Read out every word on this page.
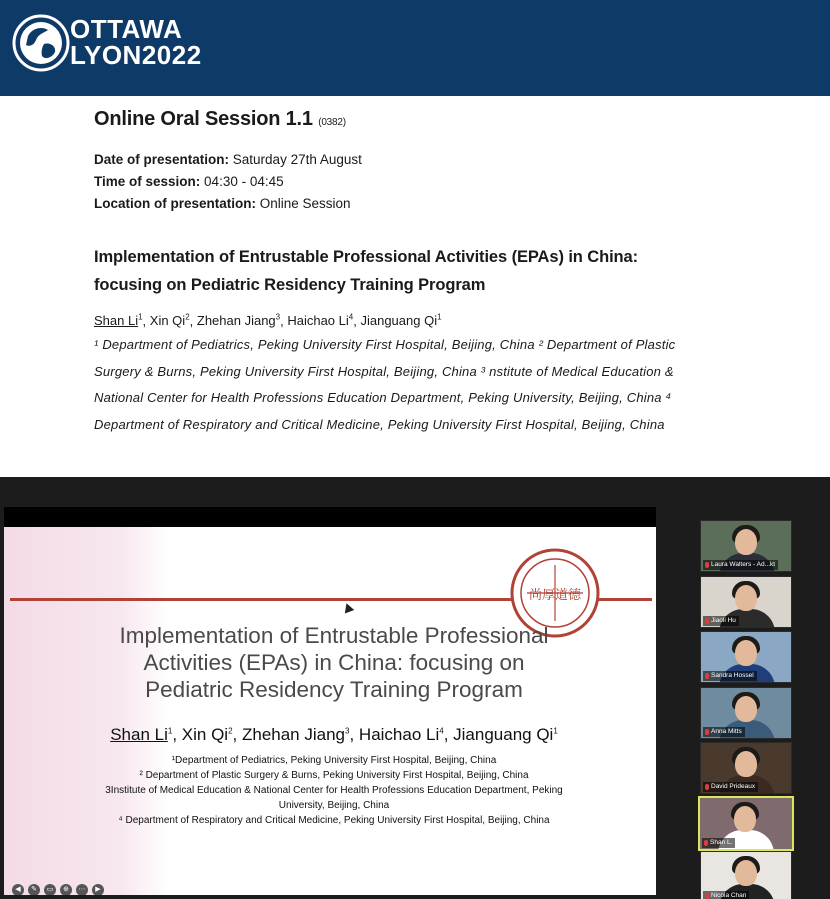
OTTAWA
LYON2022
Online Oral Session 1.1 (0382)
Date of presentation: Saturday 27th August
Time of session: 04:30 - 04:45
Location of presentation: Online Session
Implementation of Entrustable Professional Activities (EPAs) in China:
focusing on Pediatric Residency Training Program
Shan Li$^1$, Xin Qi$^2$, Zhehan Jiang$^3$, Haichao Li$^4$, Jianguang Qi$^1$
¹ Department of Pediatrics, Peking University First Hospital, Beijing, China ² Department of Plastic
Surgery & Burns, Peking University First Hospital, Beijing, China ³ nstitute of Medical Education &
National Center for Health Professions Education Department, Peking University, Beijing, China ⁴
Department of Respiratory and Critical Medicine, Peking University First Hospital, Beijing, China
尚厚道德
Implementation of Entrustable Professional
Activities (EPAs) in China: focusing on
Pediatric Residency Training Program
Shan Li$^1$, Xin Qi$^2$, Zhehan Jiang$^3$, Haichao Li$^4$, Jianguang Qi$^1$
¹Department of Pediatrics, Peking University First Hospital, Beijing, China
² Department of Plastic Surgery & Burns, Peking University First Hospital, Beijing, China
3Institute of Medical Education & National Center for Health Professions Education Department, Peking
University, Beijing, China
⁴ Department of Respiratory and Critical Medicine, Peking University First Hospital, Beijing, China
◀	✎	▭	⊕	⋯	▶
Laura Walters - Ad...kt
Jiaoli Hu
Sandra Hossel
Anna Mitts
David Prideaux
Shan L.
Nicola Chan
